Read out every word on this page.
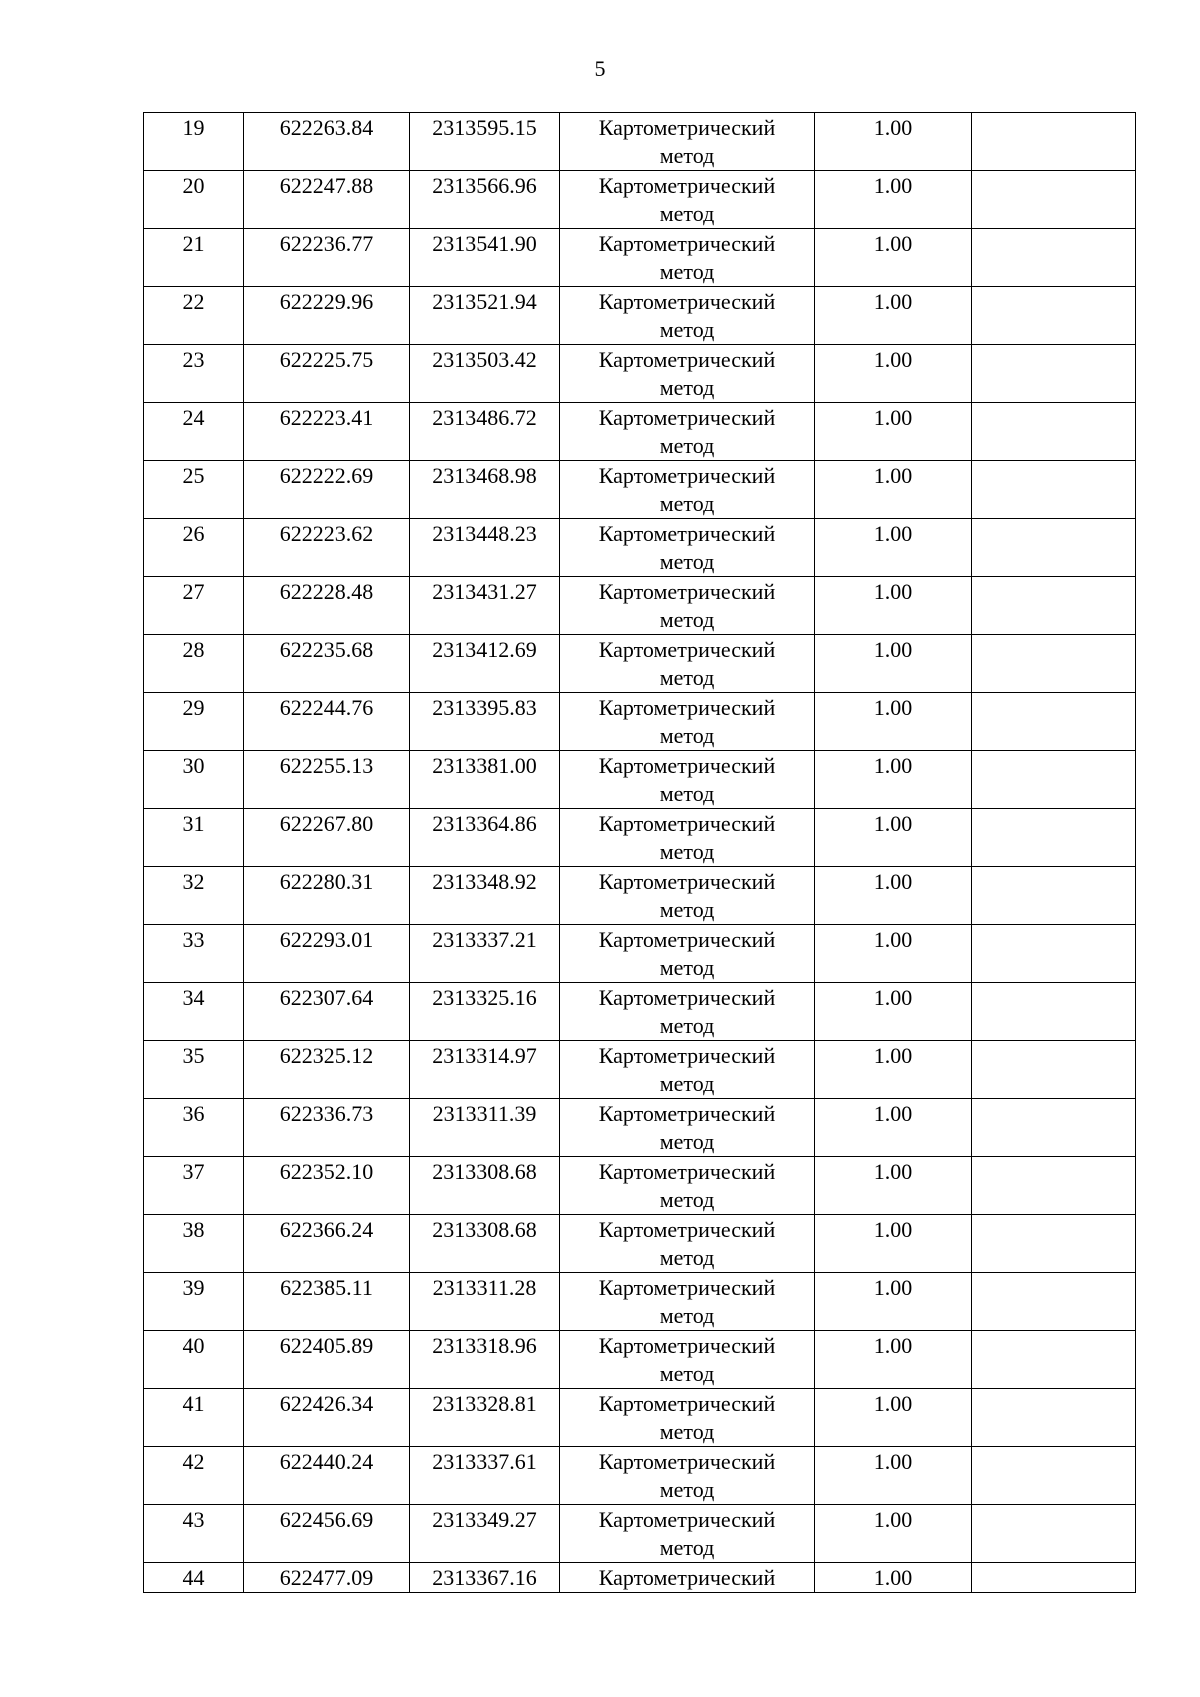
5
19	622263.84	2313595.15	Картометрический метод	1.00	

20	622247.88	2313566.96	Картометрический метод	1.00	

21	622236.77	2313541.90	Картометрический метод	1.00	

22	622229.96	2313521.94	Картометрический метод	1.00	

23	622225.75	2313503.42	Картометрический метод	1.00	

24	622223.41	2313486.72	Картометрический метод	1.00	

25	622222.69	2313468.98	Картометрический метод	1.00	

26	622223.62	2313448.23	Картометрический метод	1.00	

27	622228.48	2313431.27	Картометрический метод	1.00	

28	622235.68	2313412.69	Картометрический метод	1.00	

29	622244.76	2313395.83	Картометрический метод	1.00	

30	622255.13	2313381.00	Картометрический метод	1.00	

31	622267.80	2313364.86	Картометрический метод	1.00	

32	622280.31	2313348.92	Картометрический метод	1.00	

33	622293.01	2313337.21	Картометрический метод	1.00	

34	622307.64	2313325.16	Картометрический метод	1.00	

35	622325.12	2313314.97	Картометрический метод	1.00	

36	622336.73	2313311.39	Картометрический метод	1.00	

37	622352.10	2313308.68	Картометрический метод	1.00	

38	622366.24	2313308.68	Картометрический метод	1.00	

39	622385.11	2313311.28	Картометрический метод	1.00	

40	622405.89	2313318.96	Картометрический метод	1.00	

41	622426.34	2313328.81	Картометрический метод	1.00	

42	622440.24	2313337.61	Картометрический метод	1.00	

43	622456.69	2313349.27	Картометрический метод	1.00	

44	622477.09	2313367.16	Картометрический	1.00	
